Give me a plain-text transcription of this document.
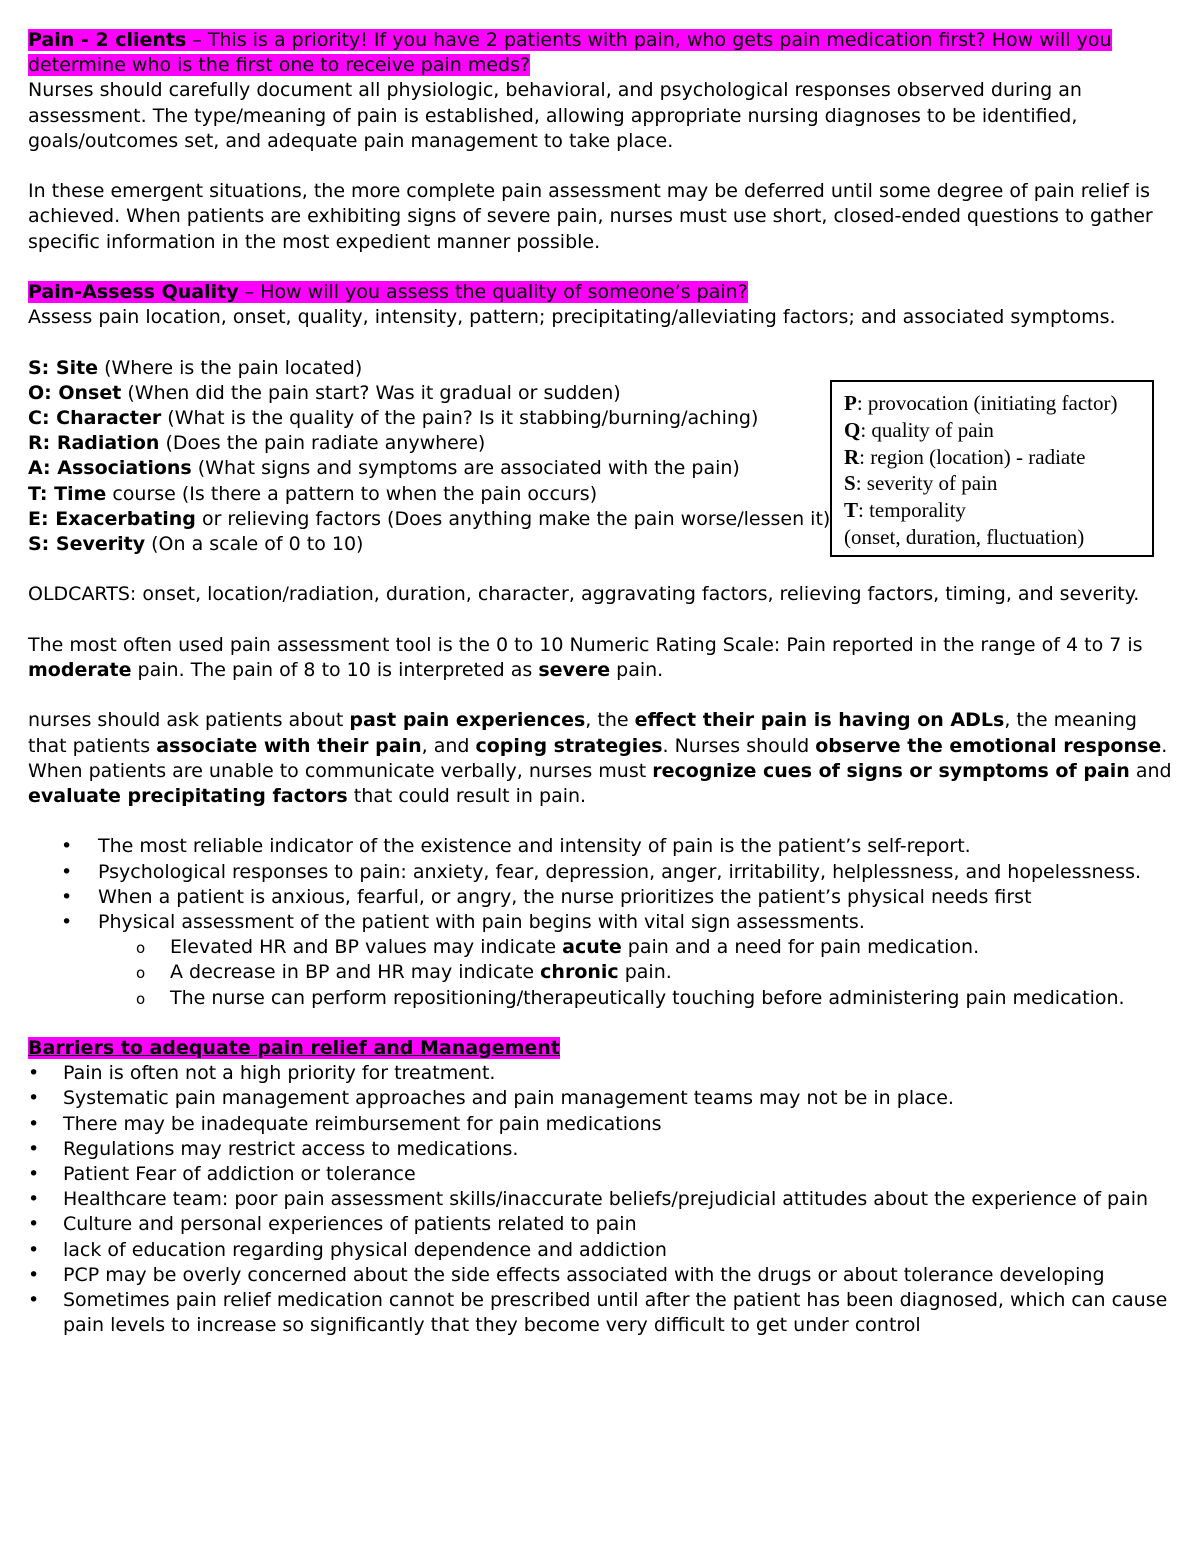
Pain - 2 clients – This is a priority! If you have 2 patients with pain, who gets pain medication first? How will you determine who is the first one to receive pain meds?

Nurses should carefully document all physiologic, behavioral, and psychological responses observed during an assessment. The type/meaning of pain is established, allowing appropriate nursing diagnoses to be identified, goals/outcomes set, and adequate pain management to take place.

In these emergent situations, the more complete pain assessment may be deferred until some degree of pain relief is achieved. When patients are exhibiting signs of severe pain, nurses must use short, closed-ended questions to gather specific information in the most expedient manner possible.

Pain-Assess Quality – How will you assess the quality of someone’s pain?

Assess pain location, onset, quality, intensity, pattern; precipitating/alleviating factors; and associated symptoms.

S: Site (Where is the pain located)

O: Onset (When did the pain start? Was it gradual or sudden)

C: Character (What is the quality of the pain? Is it stabbing/burning/aching)

R: Radiation (Does the pain radiate anywhere)

A: Associations (What signs and symptoms are associated with the pain)

T: Time course (Is there a pattern to when the pain occurs)

E: Exacerbating or relieving factors (Does anything make the pain worse/lessen it)

S: Severity (On a scale of 0 to 10)

OLDCARTS: onset, location/radiation, duration, character, aggravating factors, relieving factors, timing, and severity.

The most often used pain assessment tool is the 0 to 10 Numeric Rating Scale: Pain reported in the range of 4 to 7 is moderate pain. The pain of 8 to 10 is interpreted as severe pain.

nurses should ask patients about past pain experiences, the effect their pain is having on ADLs, the meaning that patients associate with their pain, and coping strategies. Nurses should observe the emotional response. When patients are unable to communicate verbally, nurses must recognize cues of signs or symptoms of pain and evaluate precipitating factors that could result in pain.

• The most reliable indicator of the existence and intensity of pain is the patient’s self-report.
• Psychological responses to pain: anxiety, fear, depression, anger, irritability, helplessness, and hopelessness.
• When a patient is anxious, fearful, or angry, the nurse prioritizes the patient’s physical needs first
• Physical assessment of the patient with pain begins with vital sign assessments.
o Elevated HR and BP values may indicate acute pain and a need for pain medication.
o A decrease in BP and HR may indicate chronic pain.
o The nurse can perform repositioning/therapeutically touching before administering pain medication.

Barriers to adequate pain relief and Management

• Pain is often not a high priority for treatment.
• Systematic pain management approaches and pain management teams may not be in place.
• There may be inadequate reimbursement for pain medications
• Regulations may restrict access to medications.
• Patient Fear of addiction or tolerance
• Healthcare team: poor pain assessment skills/inaccurate beliefs/prejudicial attitudes about the experience of pain
• Culture and personal experiences of patients related to pain
• lack of education regarding physical dependence and addiction
• PCP may be overly concerned about the side effects associated with the drugs or about tolerance developing
• Sometimes pain relief medication cannot be prescribed until after the patient has been diagnosed, which can cause pain levels to increase so significantly that they become very difficult to get under control
P: provocation (initiating factor)
Q: quality of pain
R: region (location) - radiate
S: severity of pain
T: temporality
(onset, duration, fluctuation)
